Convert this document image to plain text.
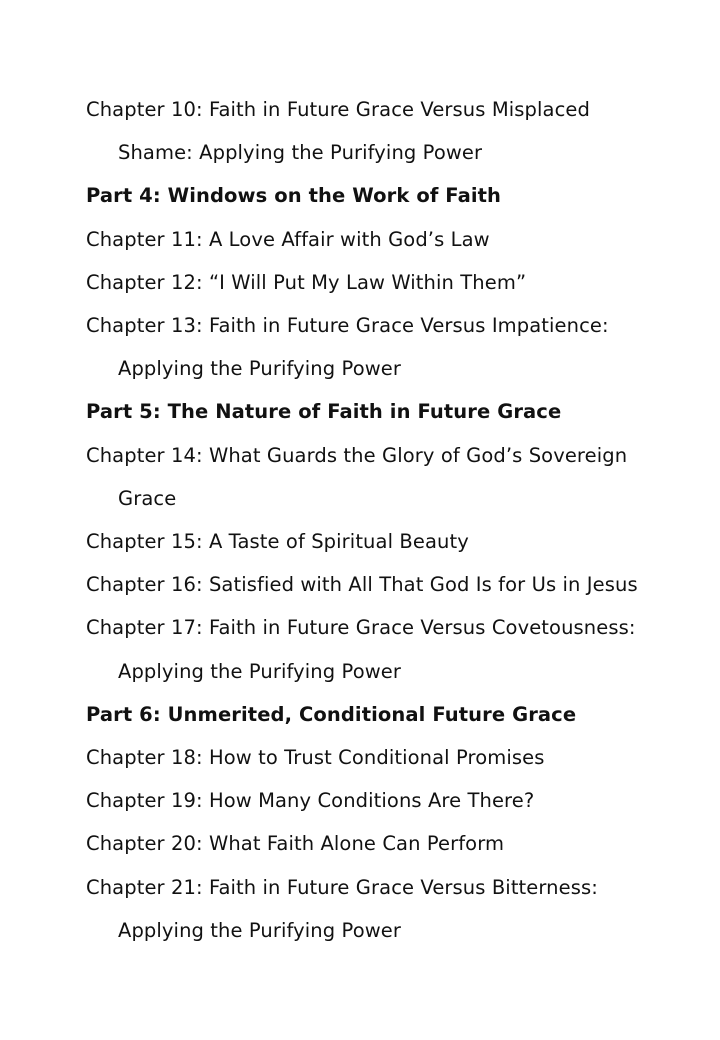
Chapter 10: Faith in Future Grace Versus Misplaced
Shame: Applying the Purifying Power
Part 4: Windows on the Work of Faith
Chapter 11: A Love Affair with God’s Law
Chapter 12: “I Will Put My Law Within Them”
Chapter 13: Faith in Future Grace Versus Impatience:
Applying the Purifying Power
Part 5: The Nature of Faith in Future Grace
Chapter 14: What Guards the Glory of God’s Sovereign
Grace
Chapter 15: A Taste of Spiritual Beauty
Chapter 16: Satisfied with All That God Is for Us in Jesus
Chapter 17: Faith in Future Grace Versus Covetousness:
Applying the Purifying Power
Part 6: Unmerited, Conditional Future Grace
Chapter 18: How to Trust Conditional Promises
Chapter 19: How Many Conditions Are There?
Chapter 20: What Faith Alone Can Perform
Chapter 21: Faith in Future Grace Versus Bitterness:
Applying the Purifying Power
